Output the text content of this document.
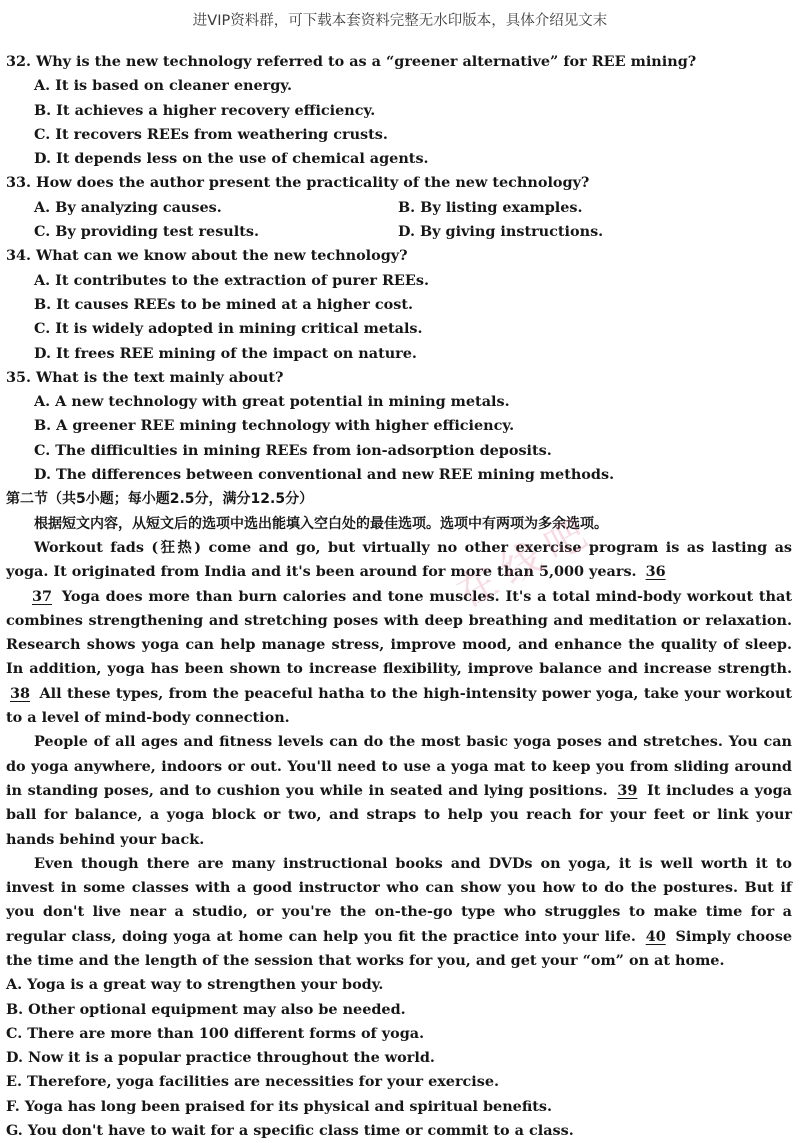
进VIP资料群，可下载本套资料完整无水印版本，具体介绍见文末
32. Why is the new technology referred to as a “greener alternative” for REE mining?
A. It is based on cleaner energy.
B. It achieves a higher recovery efficiency.
C. It recovers REEs from weathering crusts.
D. It depends less on the use of chemical agents.
33. How does the author present the practicality of the new technology?
A. By analyzing causes.	B. By listing examples.
C. By providing test results.	D. By giving instructions.
34. What can we know about the new technology?
A. It contributes to the extraction of purer REEs.
B. It causes REEs to be mined at a higher cost.
C. It is widely adopted in mining critical metals.
D. It frees REE mining of the impact on nature.
35. What is the text mainly about?
A. A new technology with great potential in mining metals.
B. A greener REE mining technology with higher efficiency.
C. The difficulties in mining REEs from ion-adsorption deposits.
D. The differences between conventional and new REE mining methods.
第二节（共5小题；每小题2.5分，满分12.5分）
根据短文内容，从短文后的选项中选出能填入空白处的最佳选项。选项中有两项为多余选项。

Workout fads (狂热) come and go, but virtually no other exercise program is as lasting as yoga. It originated from India and it's been around for more than 5,000 years. 36

37 Yoga does more than burn calories and tone muscles. It's a total mind-body workout that combines strengthening and stretching poses with deep breathing and meditation or relaxation. Research shows yoga can help manage stress, improve mood, and enhance the quality of sleep. In addition, yoga has been shown to increase flexibility, improve balance and increase strength. 38 All these types, from the peaceful hatha to the high-intensity power yoga, take your workout to a level of mind-body connection.

People of all ages and fitness levels can do the most basic yoga poses and stretches. You can do yoga anywhere, indoors or out. You'll need to use a yoga mat to keep you from sliding around in standing poses, and to cushion you while in seated and lying positions. 39 It includes a yoga ball for balance, a yoga block or two, and straps to help you reach for your feet or link your hands behind your back.

Even though there are many instructional books and DVDs on yoga, it is well worth it to invest in some classes with a good instructor who can show you how to do the postures. But if you don't live near a studio, or you're the on-the-go type who struggles to make time for a regular class, doing yoga at home can help you fit the practice into your life. 40 Simply choose the time and the length of the session that works for you, and get your “om” on at home.

A. Yoga is a great way to strengthen your body.
B. Other optional equipment may also be needed.
C. There are more than 100 different forms of yoga.
D. Now it is a popular practice throughout the world.
E. Therefore, yoga facilities are necessities for your exercise.
F. Yoga has long been praised for its physical and spiritual benefits.
G. You don't have to wait for a specific class time or commit to a class.
在线吧
